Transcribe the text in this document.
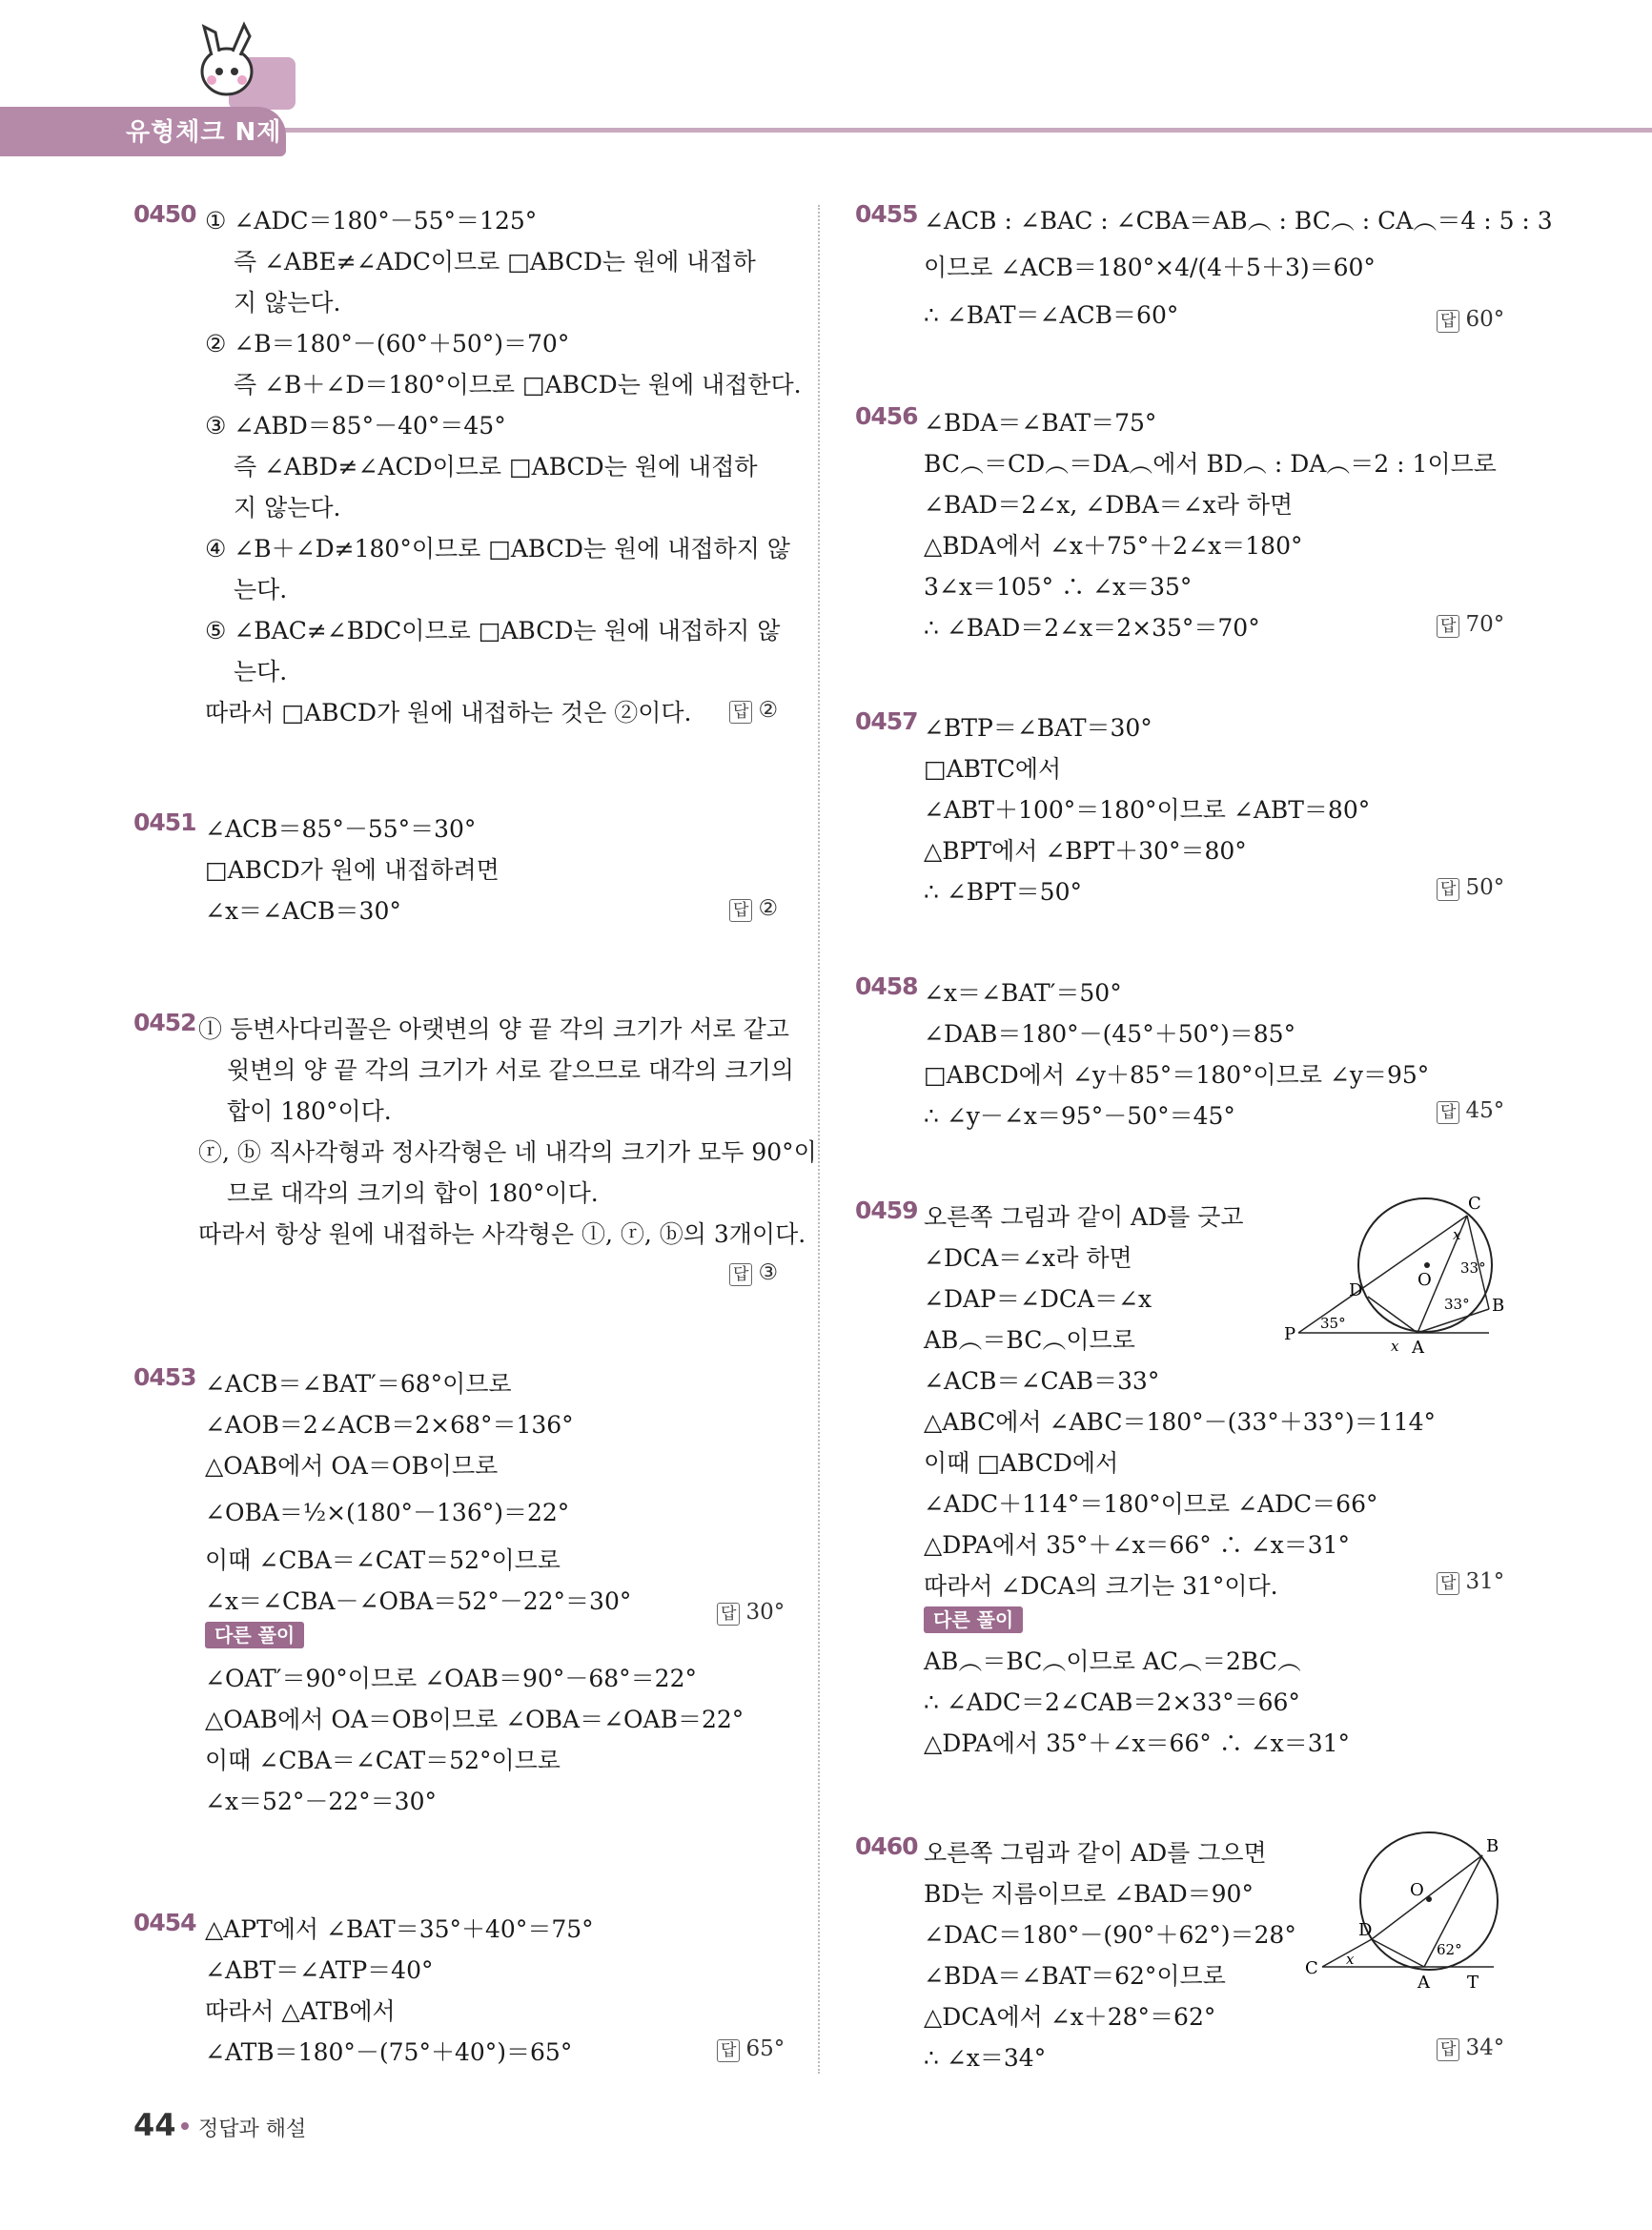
유형체크 N제
0450 ① ∠ADC＝180°－55°＝125°
즉 ∠ABE≠∠ADC이므로 □ABCD는 원에 내접하
지 않는다.
② ∠B＝180°－(60°＋50°)＝70°
즉 ∠B＋∠D＝180°이므로 □ABCD는 원에 내접한다.
③ ∠ABD＝85°－40°＝45°
즉 ∠ABD≠∠ACD이므로 □ABCD는 원에 내접하
지 않는다.
④ ∠B＋∠D≠180°이므로 □ABCD는 원에 내접하지 않
는다.
⑤ ∠BAC≠∠BDC이므로 □ABCD는 원에 내접하지 않
는다.
따라서 □ABCD가 원에 내접하는 것은 ②이다.	답 ②
0451 ∠ACB＝85°－55°＝30°
□ABCD가 원에 내접하려면
∠x＝∠ACB＝30°	답 ②
0452 ⓛ 등변사다리꼴은 아랫변의 양 끝 각의 크기가 서로 같고
윗변의 양 끝 각의 크기가 서로 같으므로 대각의 크기의
합이 180°이다.
ⓡ, ⓑ 직사각형과 정사각형은 네 내각의 크기가 모두 90°이
므로 대각의 크기의 합이 180°이다.
따라서 항상 원에 내접하는 사각형은 ⓛ, ⓡ, ⓑ의 3개이다.
답 ③
0453 ∠ACB＝∠BAT′＝68°이므로
∠AOB＝2∠ACB＝2×68°＝136°
△OAB에서 OA＝OB이므로
∠OBA＝½×(180°－136°)＝22°
이때 ∠CBA＝∠CAT＝52°이므로
∠x＝∠CBA－∠OBA＝52°－22°＝30°
다른 풀이
∠OAT′＝90°이므로 ∠OAB＝90°－68°＝22°
△OAB에서 OA＝OB이므로 ∠OBA＝∠OAB＝22°
이때 ∠CBA＝∠CAT＝52°이므로
∠x＝52°－22°＝30°
답 30°
0454 △APT에서 ∠BAT＝35°＋40°＝75°
∠ABT＝∠ATP＝40°
따라서 △ATB에서
∠ATB＝180°－(75°＋40°)＝65°	답 65°
0455 ∠ACB : ∠BAC : ∠CBA＝AB︵ : BC︵ : CA︵＝4 : 5 : 3
이므로 ∠ACB＝180°×4/(4＋5＋3)＝60°
∴ ∠BAT＝∠ACB＝60°	답 60°
0456 ∠BDA＝∠BAT＝75°
BC︵＝CD︵＝DA︵에서 BD︵ : DA︵＝2 : 1이므로
∠BAD＝2∠x, ∠DBA＝∠x라 하면
△BDA에서 ∠x＋75°＋2∠x＝180°
3∠x＝105° ∴ ∠x＝35°
∴ ∠BAD＝2∠x＝2×35°＝70°	답 70°
0457 ∠BTP＝∠BAT＝30°
□ABTC에서
∠ABT＋100°＝180°이므로 ∠ABT＝80°
△BPT에서 ∠BPT＋30°＝80°
∴ ∠BPT＝50°	답 50°
0458 ∠x＝∠BAT′＝50°
∠DAB＝180°－(45°＋50°)＝85°
□ABCD에서 ∠y＋85°＝180°이므로 ∠y＝95°
∴ ∠y－∠x＝95°－50°＝45°	답 45°
0459 오른쪽 그림과 같이 AD를 긋고
∠DCA＝∠x라 하면
∠DAP＝∠DCA＝∠x
AB︵＝BC︵이므로
∠ACB＝∠CAB＝33°
△ABC에서 ∠ABC＝180°－(33°＋33°)＝114°
이때 □ABCD에서
∠ADC＋114°＝180°이므로 ∠ADC＝66°
△DPA에서 35°＋∠x＝66° ∴ ∠x＝31°
따라서 ∠DCA의 크기는 31°이다.
다른 풀이
AB︵＝BC︵이므로 AC︵＝2BC︵
∴ ∠ADC＝2∠CAB＝2×33°＝66°
△DPA에서 35°＋∠x＝66° ∴ ∠x＝31°
답 31°
C
B
D
O
P
A
x
x
33°
33°
35°
0460 오른쪽 그림과 같이 AD를 그으면
BD는 지름이므로 ∠BAD＝90°
∠DAC＝180°－(90°＋62°)＝28°
∠BDA＝∠BAT＝62°이므로
△DCA에서 ∠x＋28°＝62°
∴ ∠x＝34°	답 34°
B
O
D
C
A T
x
62°
44 정답과 해설
